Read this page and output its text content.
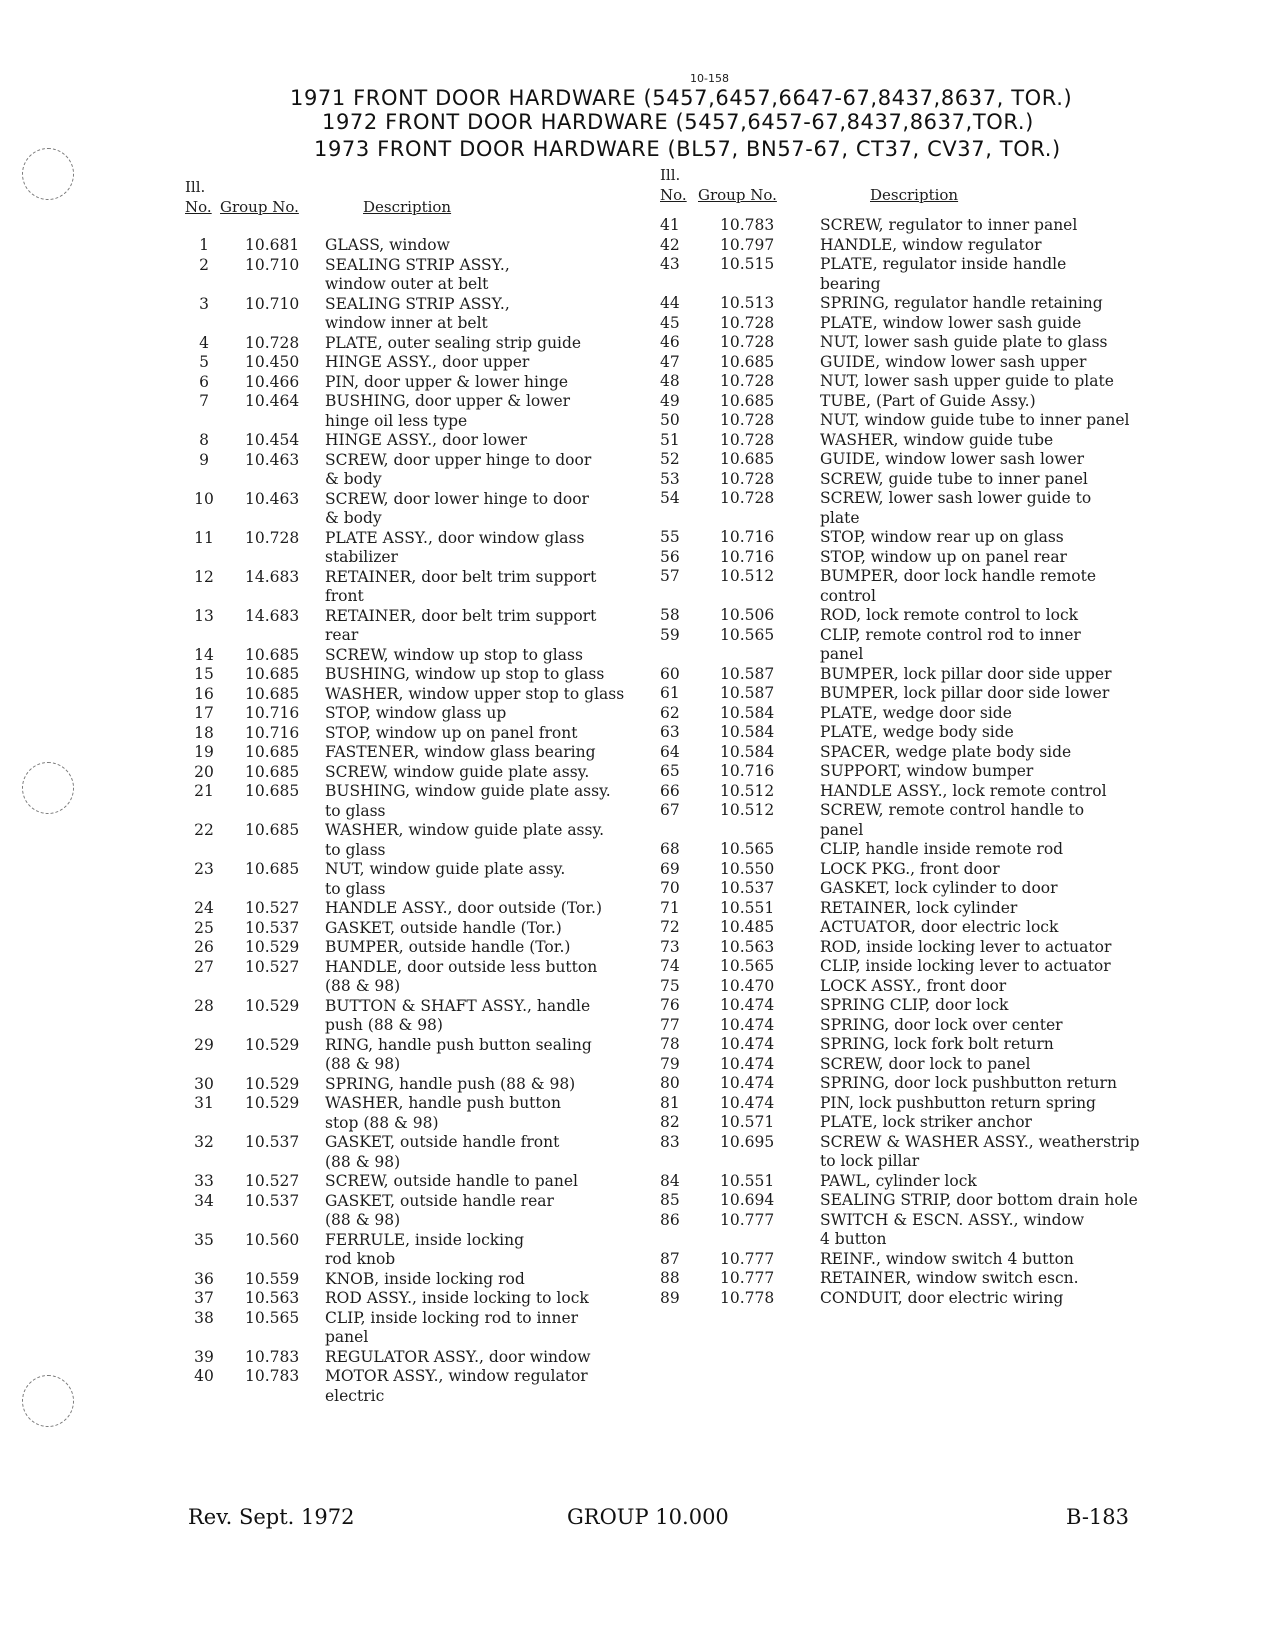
10-158
1971 FRONT DOOR HARDWARE (5457,6457,6647-67,8437,8637, TOR.)
1972 FRONT DOOR HARDWARE (5457,6457-67,8437,8637,TOR.)
1973 FRONT DOOR HARDWARE (BL57, BN57-67, CT37, CV37, TOR.)
Ill.
No. Group No.	Description
1	10.681	GLASS, window
2	10.710	SEALING STRIP ASSY.,
window outer at belt
3	10.710	SEALING STRIP ASSY.,
window inner at belt
4	10.728	PLATE, outer sealing strip guide
5	10.450	HINGE ASSY., door upper
6	10.466	PIN, door upper & lower hinge
7	10.464	BUSHING, door upper & lower
hinge oil less type
8	10.454	HINGE ASSY., door lower
9	10.463	SCREW, door upper hinge to door
& body
10	10.463	SCREW, door lower hinge to door
& body
11	10.728	PLATE ASSY., door window glass
stabilizer
12	14.683	RETAINER, door belt trim support
front
13	14.683	RETAINER, door belt trim support
rear
14	10.685	SCREW, window up stop to glass
15	10.685	BUSHING, window up stop to glass
16	10.685	WASHER, window upper stop to glass
17	10.716	STOP, window glass up
18	10.716	STOP, window up on panel front
19	10.685	FASTENER, window glass bearing
20	10.685	SCREW, window guide plate assy.
21	10.685	BUSHING, window guide plate assy.
to glass
22	10.685	WASHER, window guide plate assy.
to glass
23	10.685	NUT, window guide plate assy.
to glass
24	10.527	HANDLE ASSY., door outside (Tor.)
25	10.537	GASKET, outside handle (Tor.)
26	10.529	BUMPER, outside handle (Tor.)
27	10.527	HANDLE, door outside less button
(88 & 98)
28	10.529	BUTTON & SHAFT ASSY., handle
push (88 & 98)
29	10.529	RING, handle push button sealing
(88 & 98)
30	10.529	SPRING, handle push (88 & 98)
31	10.529	WASHER, handle push button
stop (88 & 98)
32	10.537	GASKET, outside handle front
(88 & 98)
33	10.527	SCREW, outside handle to panel
34	10.537	GASKET, outside handle rear
(88 & 98)
35	10.560	FERRULE, inside locking
rod knob
36	10.559	KNOB, inside locking rod
37	10.563	ROD ASSY., inside locking to lock
38	10.565	CLIP, inside locking rod to inner
panel
39	10.783	REGULATOR ASSY., door window
40	10.783	MOTOR ASSY., window regulator
electric
Ill.
No. Group No.	Description
41	10.783	SCREW, regulator to inner panel
42	10.797	HANDLE, window regulator
43	10.515	PLATE, regulator inside handle
bearing
44	10.513	SPRING, regulator handle retaining
45	10.728	PLATE, window lower sash guide
46	10.728	NUT, lower sash guide plate to glass
47	10.685	GUIDE, window lower sash upper
48	10.728	NUT, lower sash upper guide to plate
49	10.685	TUBE, (Part of Guide Assy.)
50	10.728	NUT, window guide tube to inner panel
51	10.728	WASHER, window guide tube
52	10.685	GUIDE, window lower sash lower
53	10.728	SCREW, guide tube to inner panel
54	10.728	SCREW, lower sash lower guide to
plate
55	10.716	STOP, window rear up on glass
56	10.716	STOP, window up on panel rear
57	10.512	BUMPER, door lock handle remote
control
58	10.506	ROD, lock remote control to lock
59	10.565	CLIP, remote control rod to inner
panel
60	10.587	BUMPER, lock pillar door side upper
61	10.587	BUMPER, lock pillar door side lower
62	10.584	PLATE, wedge door side
63	10.584	PLATE, wedge body side
64	10.584	SPACER, wedge plate body side
65	10.716	SUPPORT, window bumper
66	10.512	HANDLE ASSY., lock remote control
67	10.512	SCREW, remote control handle to
panel
68	10.565	CLIP, handle inside remote rod
69	10.550	LOCK PKG., front door
70	10.537	GASKET, lock cylinder to door
71	10.551	RETAINER, lock cylinder
72	10.485	ACTUATOR, door electric lock
73	10.563	ROD, inside locking lever to actuator
74	10.565	CLIP, inside locking lever to actuator
75	10.470	LOCK ASSY., front door
76	10.474	SPRING CLIP, door lock
77	10.474	SPRING, door lock over center
78	10.474	SPRING, lock fork bolt return
79	10.474	SCREW, door lock to panel
80	10.474	SPRING, door lock pushbutton return
81	10.474	PIN, lock pushbutton return spring
82	10.571	PLATE, lock striker anchor
83	10.695	SCREW & WASHER ASSY., weatherstrip
to lock pillar
84	10.551	PAWL, cylinder lock
85	10.694	SEALING STRIP, door bottom drain hole
86	10.777	SWITCH & ESCN. ASSY., window
4 button
87	10.777	REINF., window switch 4 button
88	10.777	RETAINER, window switch escn.
89	10.778	CONDUIT, door electric wiring
Rev. Sept. 1972	GROUP 10.000	B-183
